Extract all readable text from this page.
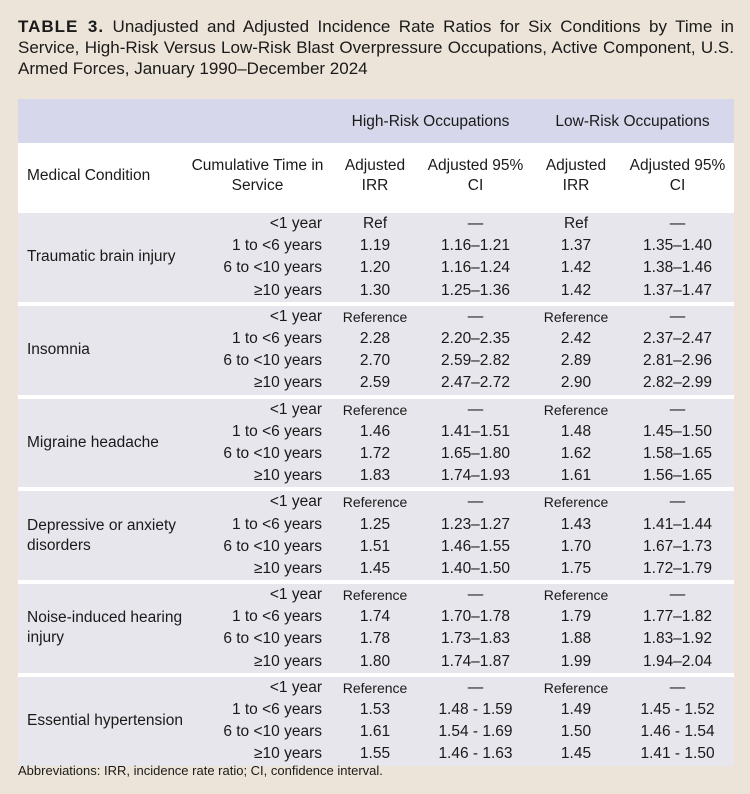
TABLE 3. Unadjusted and Adjusted Incidence Rate Ratios for Six Conditions by Time in Service, High-Risk Versus Low-Risk Blast Overpressure Occupations, Active Component, U.S. Armed Forces, January 1990–December 2024
		High-Risk Occupations		Low-Risk Occupations	
Medical Condition	Cumulative Time in Service	Adjusted IRR	Adjusted 95% CI	Adjusted IRR	Adjusted 95% CI

Traumatic brain injury	<1 year	Ref	—	Ref	—
	1 to <6 years	1.19	1.16–1.21	1.37	1.35–1.40
	6 to <10 years	1.20	1.16–1.24	1.42	1.38–1.46
	≥10 years	1.30	1.25–1.36	1.42	1.37–1.47

Insomnia	<1 year	Reference	—	Reference	—
	1 to <6 years	2.28	2.20–2.35	2.42	2.37–2.47
	6 to <10 years	2.70	2.59–2.82	2.89	2.81–2.96
	≥10 years	2.59	2.47–2.72	2.90	2.82–2.99

Migraine headache	<1 year	Reference	—	Reference	—
	1 to <6 years	1.46	1.41–1.51	1.48	1.45–1.50
	6 to <10 years	1.72	1.65–1.80	1.62	1.58–1.65
	≥10 years	1.83	1.74–1.93	1.61	1.56–1.65

Depressive or anxiety disorders	<1 year	Reference	—	Reference	—
	1 to <6 years	1.25	1.23–1.27	1.43	1.41–1.44
	6 to <10 years	1.51	1.46–1.55	1.70	1.67–1.73
	≥10 years	1.45	1.40–1.50	1.75	1.72–1.79

Noise-induced hearing injury	<1 year	Reference	—	Reference	—
	1 to <6 years	1.74	1.70–1.78	1.79	1.77–1.82
	6 to <10 years	1.78	1.73–1.83	1.88	1.83–1.92
	≥10 years	1.80	1.74–1.87	1.99	1.94–2.04

Essential hypertension	<1 year	Reference	—	Reference	—
	1 to <6 years	1.53	1.48 - 1.59	1.49	1.45 - 1.52
	6 to <10 years	1.61	1.54 - 1.69	1.50	1.46 - 1.54
	≥10 years	1.55	1.46 - 1.63	1.45	1.41 - 1.50
Abbreviations: IRR, incidence rate ratio; CI, confidence interval.
